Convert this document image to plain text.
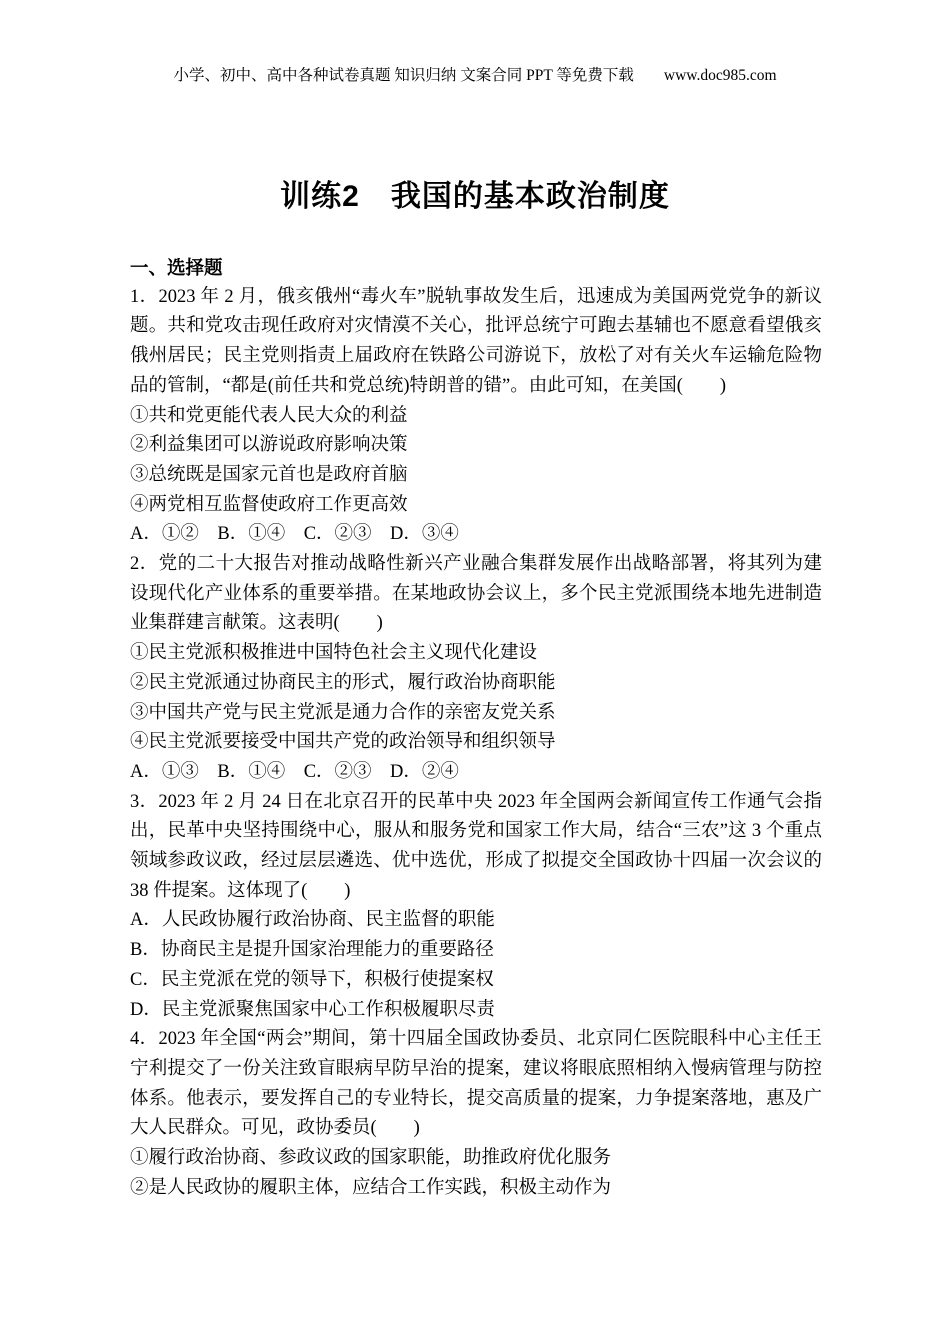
小学、初中、高中各种试卷真题 知识归纳 文案合同 PPT 等免费下载 www.doc985.com
训练2　我国的基本政治制度
一、选择题

1．2023 年 2 月，俄亥俄州“毒火车”脱轨事故发生后，迅速成为美国两党党争的新议题。共和党攻击现任政府对灾情漠不关心，批评总统宁可跑去基辅也不愿意看望俄亥俄州居民；民主党则指责上届政府在铁路公司游说下，放松了对有关火车运输危险物品的管制，“都是(前任共和党总统)特朗普的错”。由此可知，在美国(　　)

①共和党更能代表人民大众的利益
②利益集团可以游说政府影响决策
③总统既是国家元首也是政府首脑
④两党相互监督使政府工作更高效
A．①②　B．①④　C．②③　D．③④

2．党的二十大报告对推动战略性新兴产业融合集群发展作出战略部署，将其列为建设现代化产业体系的重要举措。在某地政协会议上，多个民主党派围绕本地先进制造业集群建言献策。这表明(　　)

①民主党派积极推进中国特色社会主义现代化建设
②民主党派通过协商民主的形式，履行政治协商职能
③中国共产党与民主党派是通力合作的亲密友党关系
④民主党派要接受中国共产党的政治领导和组织领导
A．①③　B．①④　C．②③　D．②④

3．2023 年 2 月 24 日在北京召开的民革中央 2023 年全国两会新闻宣传工作通气会指出，民革中央坚持围绕中心，服从和服务党和国家工作大局，结合“三农”这 3 个重点领域参政议政，经过层层遴选、优中选优，形成了拟提交全国政协十四届一次会议的 38 件提案。这体现了(　　)

A．人民政协履行政治协商、民主监督的职能
B．协商民主是提升国家治理能力的重要路径
C．民主党派在党的领导下，积极行使提案权
D．民主党派聚焦国家中心工作积极履职尽责

4．2023 年全国“两会”期间，第十四届全国政协委员、北京同仁医院眼科中心主任王宁利提交了一份关注致盲眼病早防早治的提案，建议将眼底照相纳入慢病管理与防控体系。他表示，要发挥自己的专业特长，提交高质量的提案，力争提案落地，惠及广大人民群众。可见，政协委员(　　)

①履行政治协商、参政议政的国家职能，助推政府优化服务
②是人民政协的履职主体，应结合工作实践，积极主动作为
